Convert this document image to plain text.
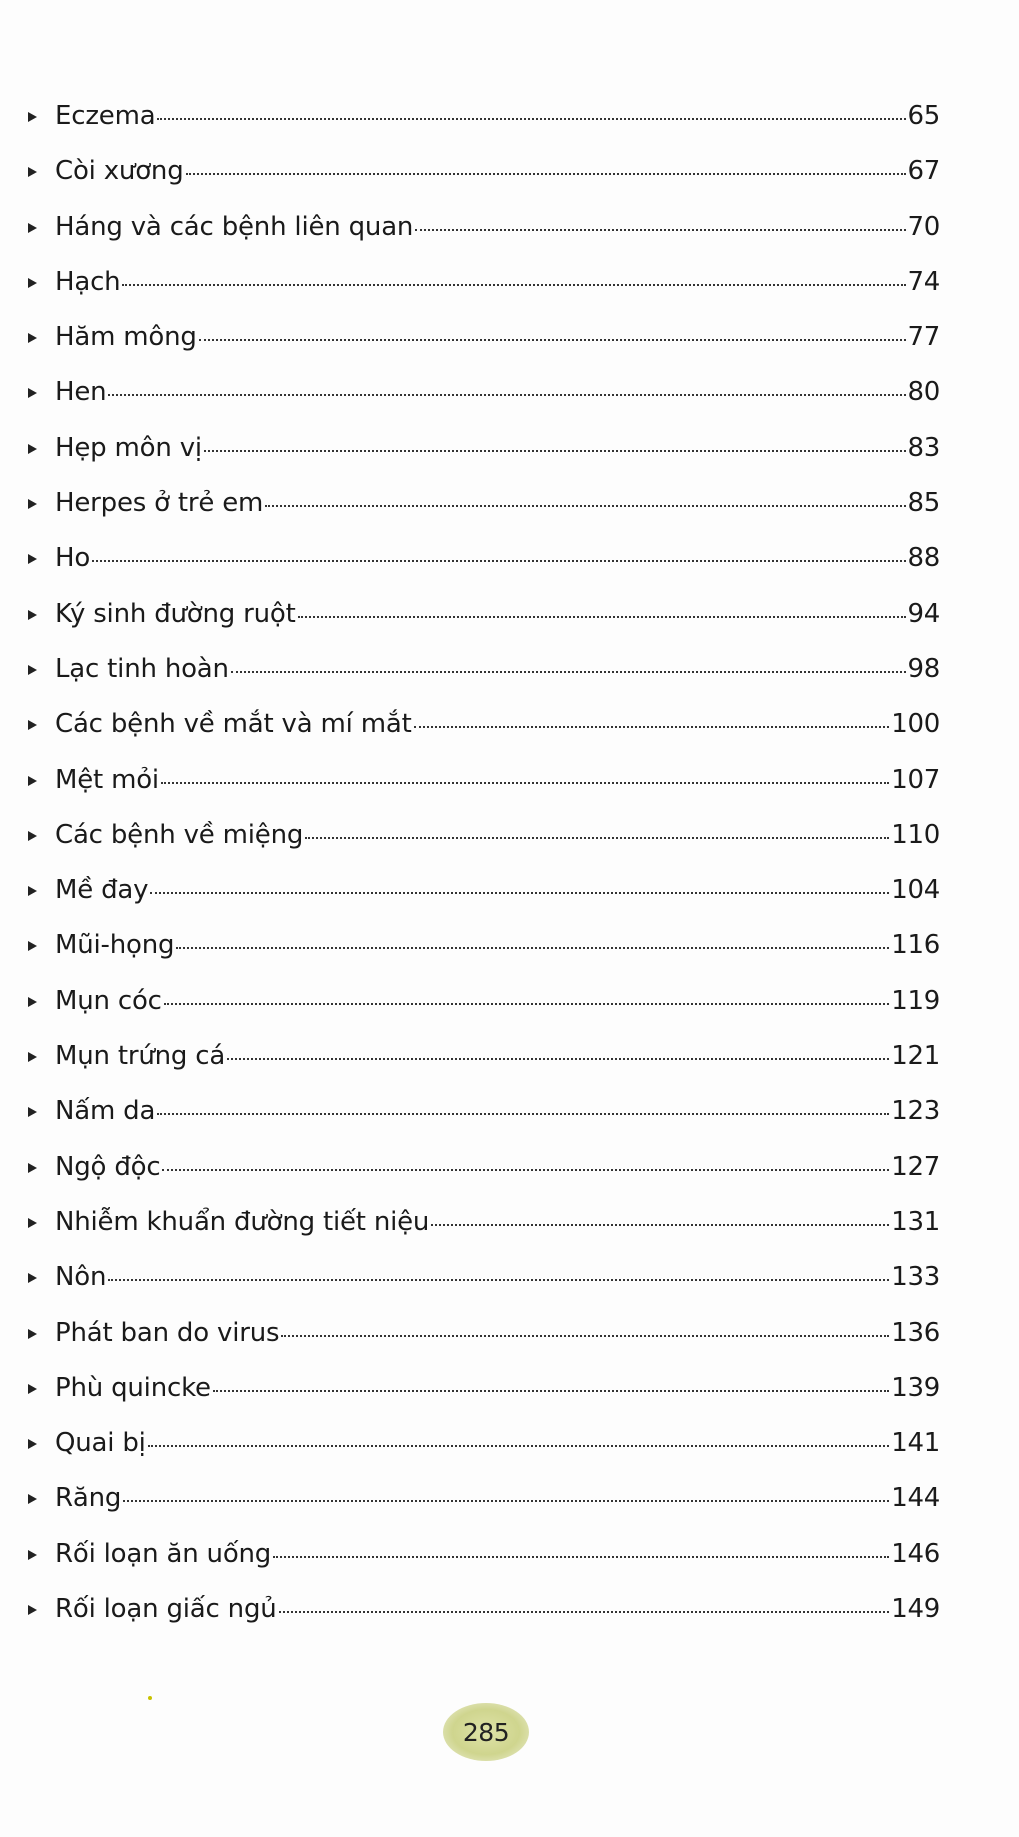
Eczema	65
Còi xương	67
Háng và các bệnh liên quan	70
Hạch	74
Hăm mông	77
Hen	80
Hẹp môn vị	83
Herpes ở trẻ em	85
Ho	88
Ký sinh đường ruột	94
Lạc tinh hoàn	98
Các bệnh về mắt và mí mắt	100
Mệt mỏi	107
Các bệnh về miệng	110
Mề đay	104
Mũi-họng	116
Mụn cóc	119
Mụn trứng cá	121
Nấm da	123
Ngộ độc	127
Nhiễm khuẩn đường tiết niệu	131
Nôn	133
Phát ban do virus	136
Phù quincke	139
Quai bị	141
Răng	144
Rối loạn ăn uống	146
Rối loạn giấc ngủ	149
285
